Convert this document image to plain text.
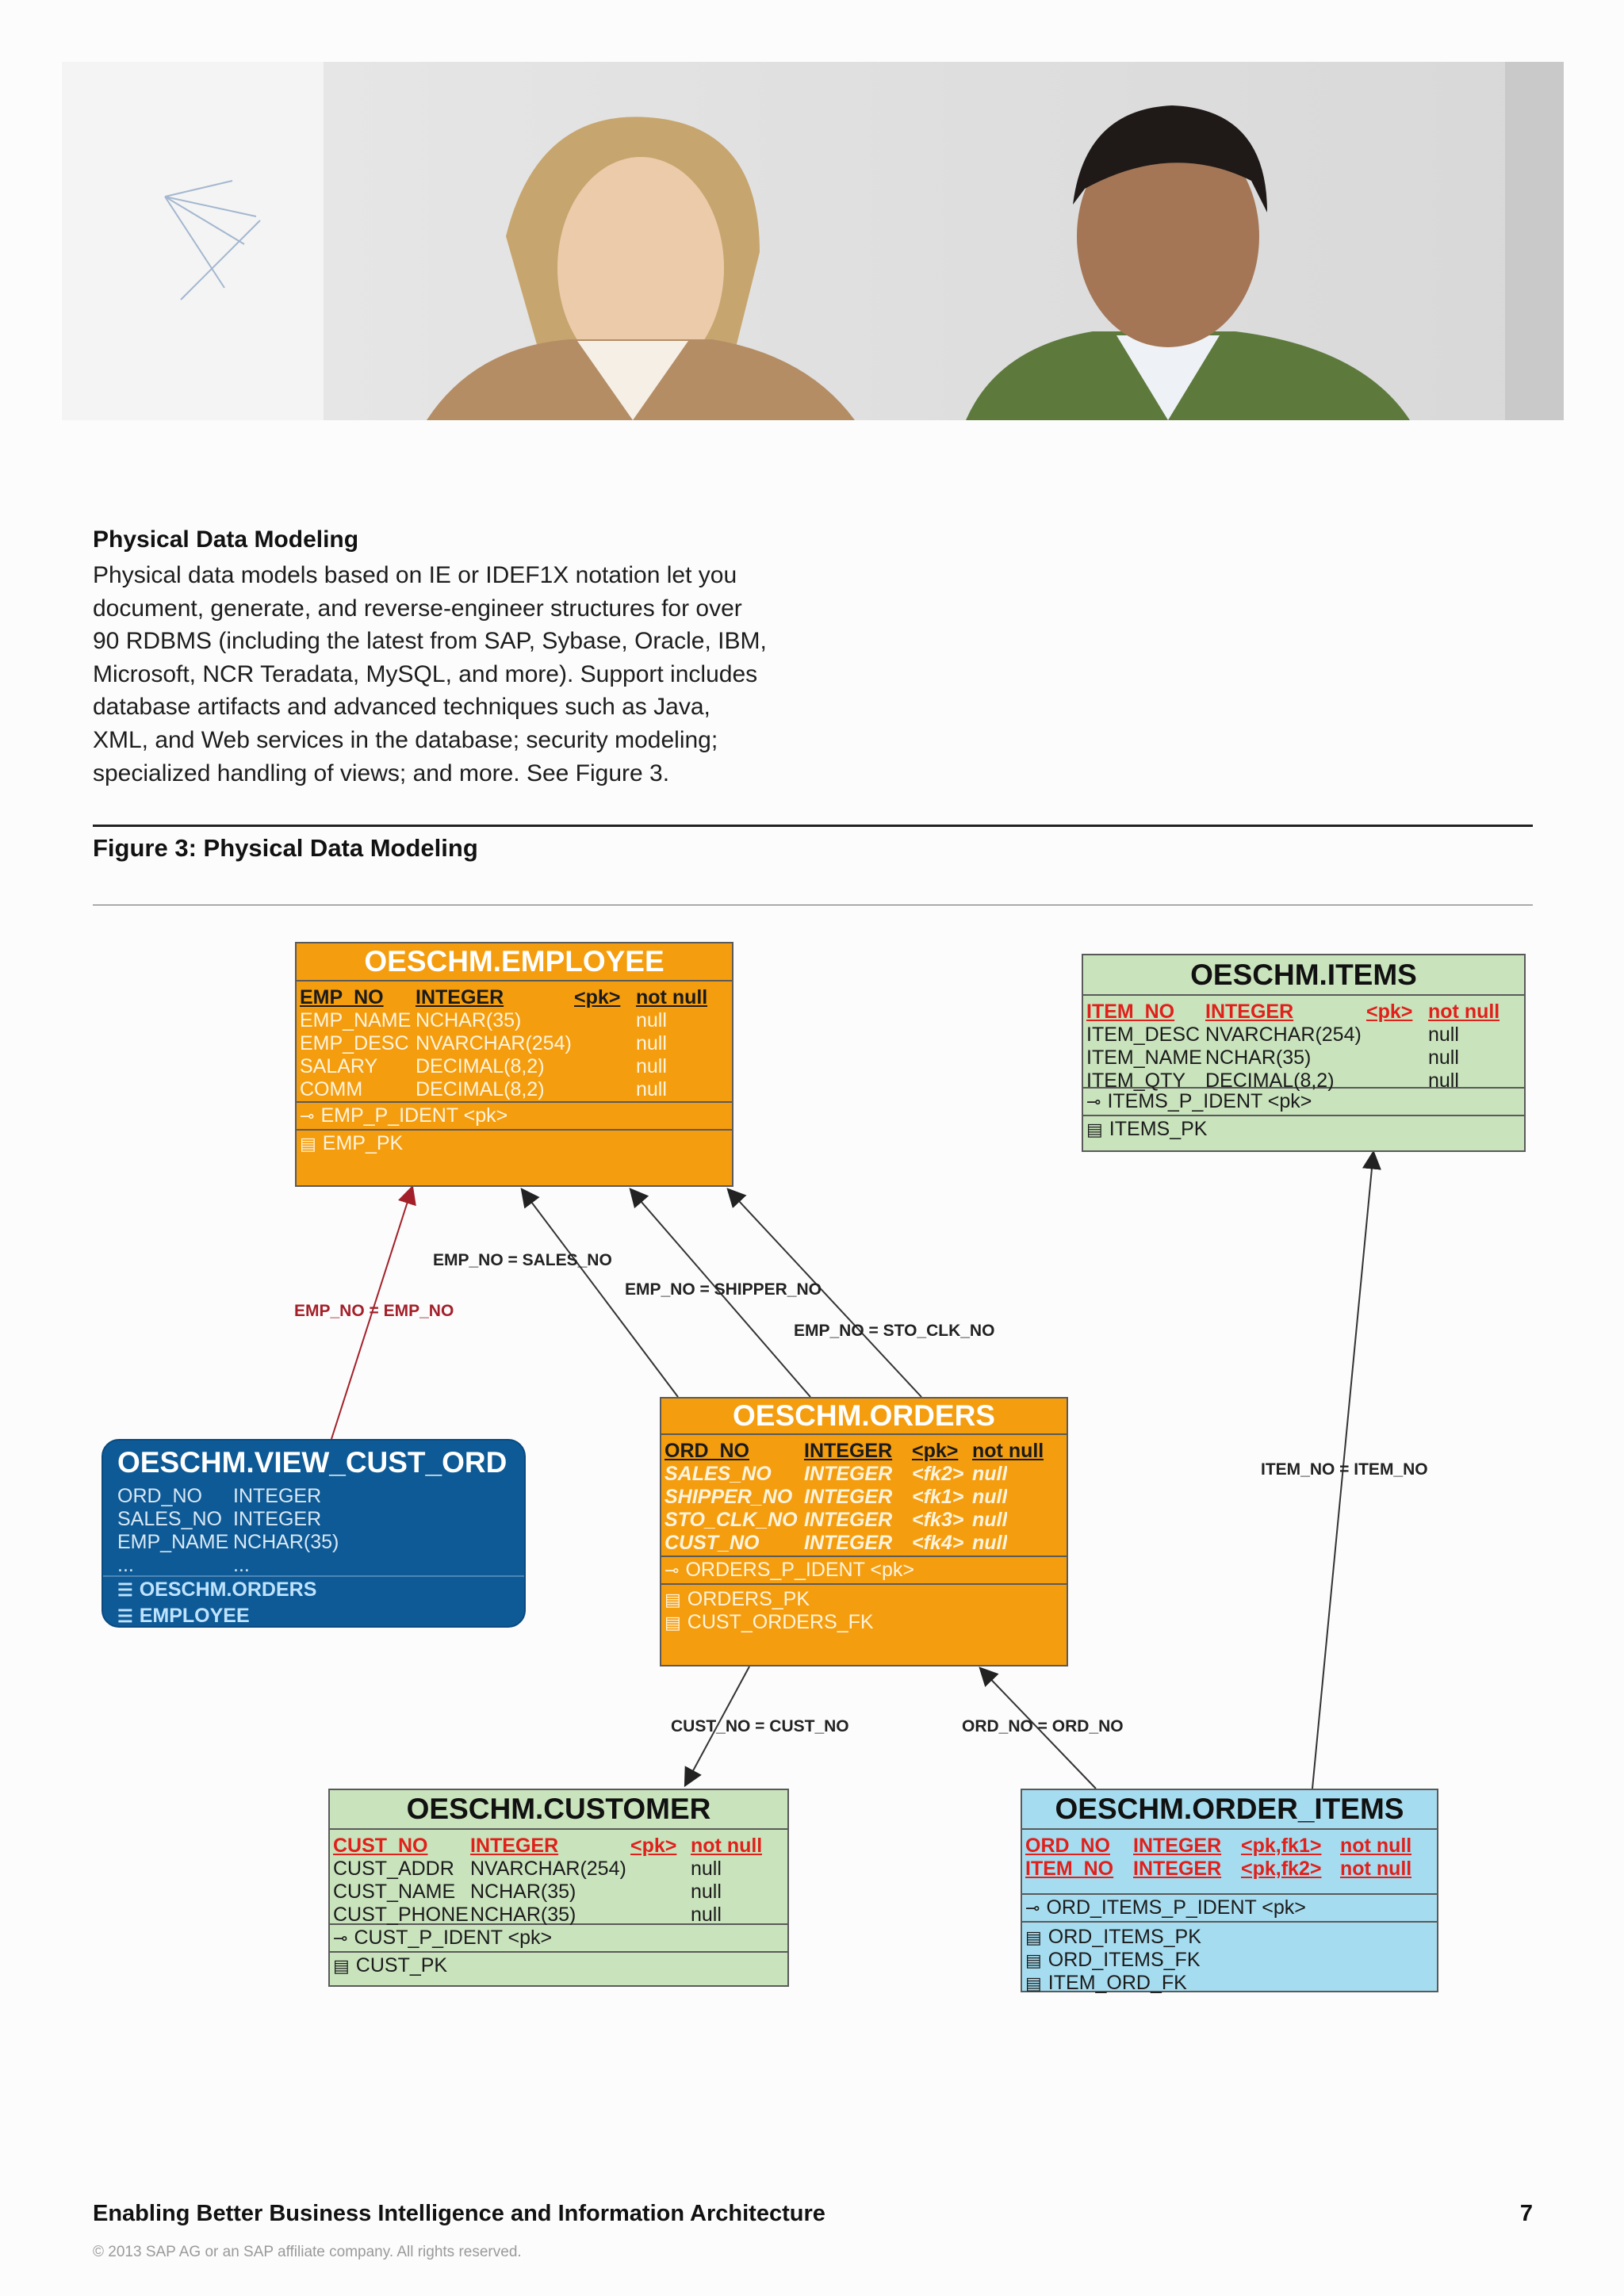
Physical Data Modeling
Physical data models based on IE or IDEF1X notation let you
document, generate, and reverse-engineer structures for over
90 RDBMS (including the latest from SAP, Sybase, Oracle, IBM,
Microsoft, NCR Teradata, MySQL, and more). Support includes
database artifacts and advanced techniques such as Java,
XML, and Web services in the database; security modeling;
specialized handling of views; and more. See Figure 3.
Figure 3: Physical Data Modeling
EMP_NO = EMP_NO
EMP_NO = SALES_NO
EMP_NO = SHIPPER_NO
EMP_NO = STO_CLK_NO
ITEM_NO = ITEM_NO
CUST_NO = CUST_NO	ORD_NO = ORD_NO
OESCHM.EMPLOYEE
EMP_NO	INTEGER	<pk> not null
EMP_NAME NCHAR(35)	null
EMP_DESC NVARCHAR(254)	null
SALARY	DECIMAL(8,2)	null
COMM	DECIMAL(8,2)	null
⊸ EMP_P_IDENT <pk>
▤ EMP_PK
OESCHM.ITEMS
ITEM_NO	INTEGER	<pk> not null
ITEM_DESC NVARCHAR(254)	null
ITEM_NAME NCHAR(35)	null
ITEM_QTY DECIMAL(8,2)	null
⊸ ITEMS_P_IDENT <pk>
▤ ITEMS_PK
OESCHM.VIEW_CUST_ORD
ORD_NO	INTEGER
SALES_NO INTEGER
EMP_NAME NCHAR(35)
...	...
☰ OESCHM.ORDERS
☰ EMPLOYEE
OESCHM.ORDERS
ORD_NO	INTEGER <pk> not null
SALES_NO	INTEGER <fk2> null
SHIPPER_NO INTEGER <fk1> null
STO_CLK_NO INTEGER <fk3> null
CUST_NO	INTEGER <fk4> null
⊸ ORDERS_P_IDENT <pk>
▤ ORDERS_PK
▤ CUST_ORDERS_FK
OESCHM.CUSTOMER
CUST_NO	INTEGER	<pk> not null
CUST_ADDR NVARCHAR(254)	null
CUST_NAME NCHAR(35)	null
CUST_PHONE NCHAR(35)	null
⊸ CUST_P_IDENT <pk>
▤ CUST_PK
OESCHM.ORDER_ITEMS
ORD_NO	INTEGER <pk,fk1> not null
ITEM_NO INTEGER <pk,fk2> not null
⊸ ORD_ITEMS_P_IDENT <pk>
▤ ORD_ITEMS_PK
▤ ORD_ITEMS_FK
▤ ITEM_ORD_FK
Enabling Better Business Intelligence and Information Architecture	7
© 2013 SAP AG or an SAP affiliate company. All rights reserved.
